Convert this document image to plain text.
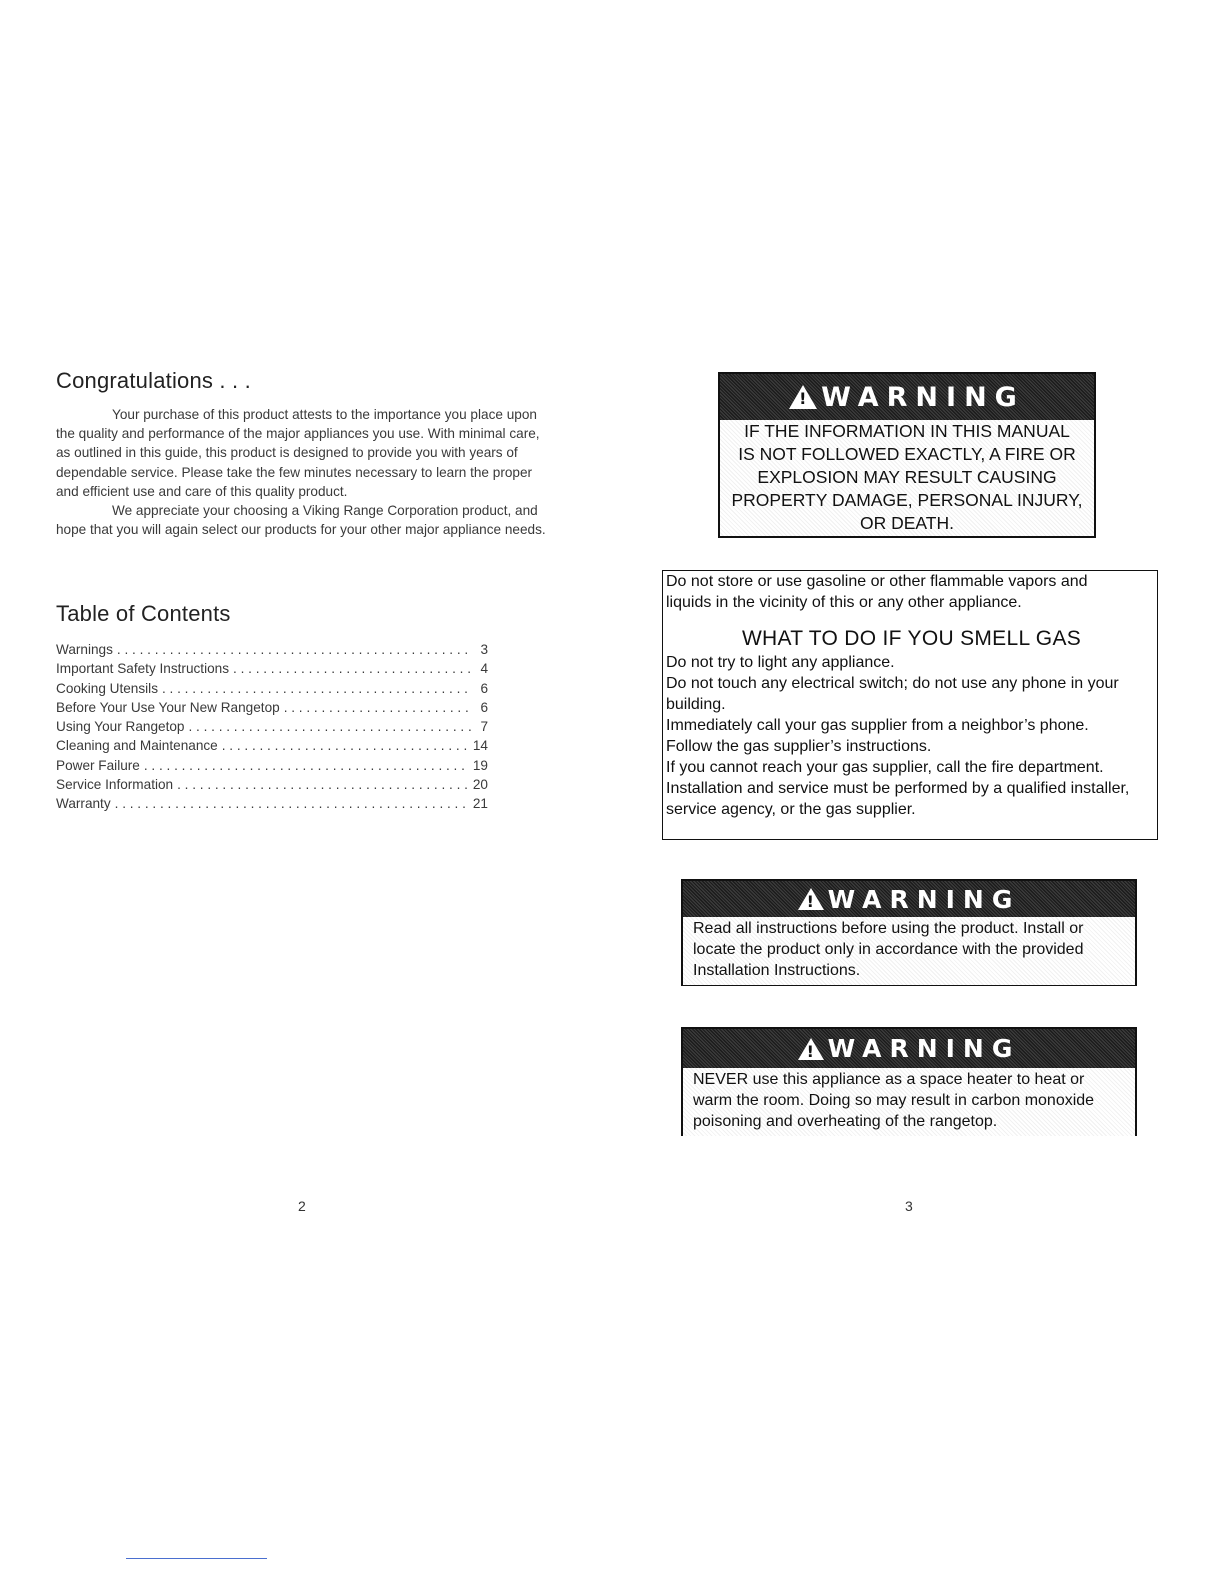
Congratulations . . .

Your purchase of this product attests to the importance you place upon the quality and performance of the major appliances you use. With minimal care, as outlined in this guide, this product is designed to provide you with years of dependable service. Please take the few minutes necessary to learn the proper and efficient use and care of this quality product.

We appreciate your choosing a Viking Range Corporation product, and hope that you will again select our products for your other major appliance needs.

Table of Contents
Warnings . . .	3
Important Safety Instructions . . .	4
Cooking Utensils . . .	6
Before Your Use Your New Rangetop . . .	6
Using Your Rangetop . . .	7
Cleaning and Maintenance . . .	14
Power Failure . . .	19
Service Information . . .	20
Warranty . . .	21
2
!
WARNING
IF THE INFORMATION IN THIS MANUAL
IS NOT FOLLOWED EXACTLY, A FIRE OR
EXPLOSION MAY RESULT CAUSING
PROPERTY DAMAGE, PERSONAL INJURY,
OR DEATH.

Do not store or use gasoline or other flammable vapors and

liquids in the vicinity of this or any other appliance.

WHAT TO DO IF YOU SMELL GAS

Do not try to light any appliance.

Do not touch any electrical switch; do not use any phone in your building.

Immediately call your gas supplier from a neighbor’s phone.

Follow the gas supplier’s instructions.

If you cannot reach your gas supplier, call the fire department.

Installation and service must be performed by a qualified installer, service agency, or the gas supplier.

!
WARNING
Read all instructions before using the product. Install or locate the product only in accordance with the provided Installation Instructions.
!
WARNING
NEVER use this appliance as a space heater to heat or warm the room. Doing so may result in carbon monoxide poisoning and overheating of the rangetop.
3
